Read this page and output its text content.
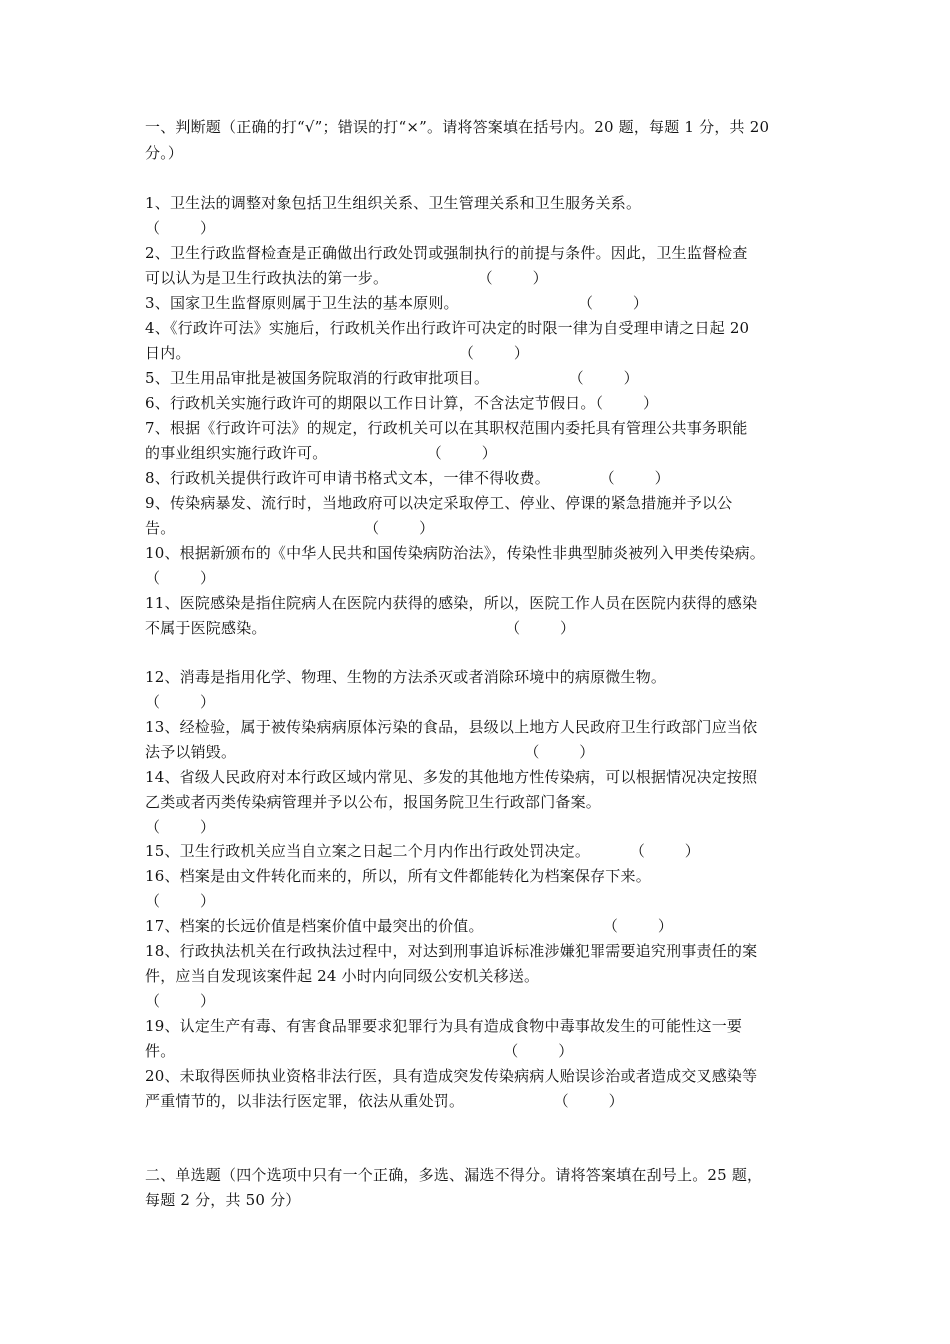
一、判断题（正确的打“√”；错误的打“×”。请将答案填在括号内。20 题，每题 1 分，共 20
分。）
1、卫生法的调整对象包括卫生组织关系、卫生管理关系和卫生服务关系。
（        ）
2、卫生行政监督检查是正确做出行政处罚或强制执行的前提与条件。因此，卫生监督检查
可以认为是卫生行政执法的第一步。                  （        ）
3、国家卫生监督原则属于卫生法的基本原则。                        （        ）
4、《行政许可法》实施后，行政机关作出行政许可决定的时限一律为自受理申请之日起 20
日内。                                                      （        ）
5、卫生用品审批是被国务院取消的行政审批项目。                （        ）
6、行政机关实施行政许可的期限以工作日计算，不含法定节假日。（        ）
7、根据《行政许可法》的规定，行政机关可以在其职权范围内委托具有管理公共事务职能
的事业组织实施行政许可。                    （        ）
8、行政机关提供行政许可申请书格式文本，一律不得收费。          （        ）
9、传染病暴发、流行时，当地政府可以决定采取停工、停业、停课的紧急措施并予以公
告。                                      （        ）
10、根据新颁布的《中华人民共和国传染病防治法》，传染性非典型肺炎被列入甲类传染病。
（        ）
11、医院感染是指住院病人在医院内获得的感染，所以，医院工作人员在医院内获得的感染
不属于医院感染。                                                （        ）
12、消毒是指用化学、物理、生物的方法杀灭或者消除环境中的病原微生物。
（        ）
13、经检验，属于被传染病病原体污染的食品，县级以上地方人民政府卫生行政部门应当依
法予以销毁。                                                          （        ）
14、省级人民政府对本行政区域内常见、多发的其他地方性传染病，可以根据情况决定按照
乙类或者丙类传染病管理并予以公布，报国务院卫生行政部门备案。
（        ）
15、卫生行政机关应当自立案之日起二个月内作出行政处罚决定。        （        ）
16、档案是由文件转化而来的，所以，所有文件都能转化为档案保存下来。
（        ）
17、档案的长远价值是档案价值中最突出的价值。                        （        ）
18、行政执法机关在行政执法过程中，对达到刑事追诉标准涉嫌犯罪需要追究刑事责任的案
件，应当自发现该案件起 24 小时内向同级公安机关移送。
（        ）
19、认定生产有毒、有害食品罪要求犯罪行为具有造成食物中毒事故发生的可能性这一要
件。                                                                  （        ）
20、未取得医师执业资格非法行医，具有造成突发传染病病人贻误诊治或者造成交叉感染等
严重情节的，以非法行医定罪，依法从重处罚。                  （        ）
二、单选题（四个选项中只有一个正确，多选、漏选不得分。请将答案填在刮号上。25 题，
每题 2 分，共 50 分）
